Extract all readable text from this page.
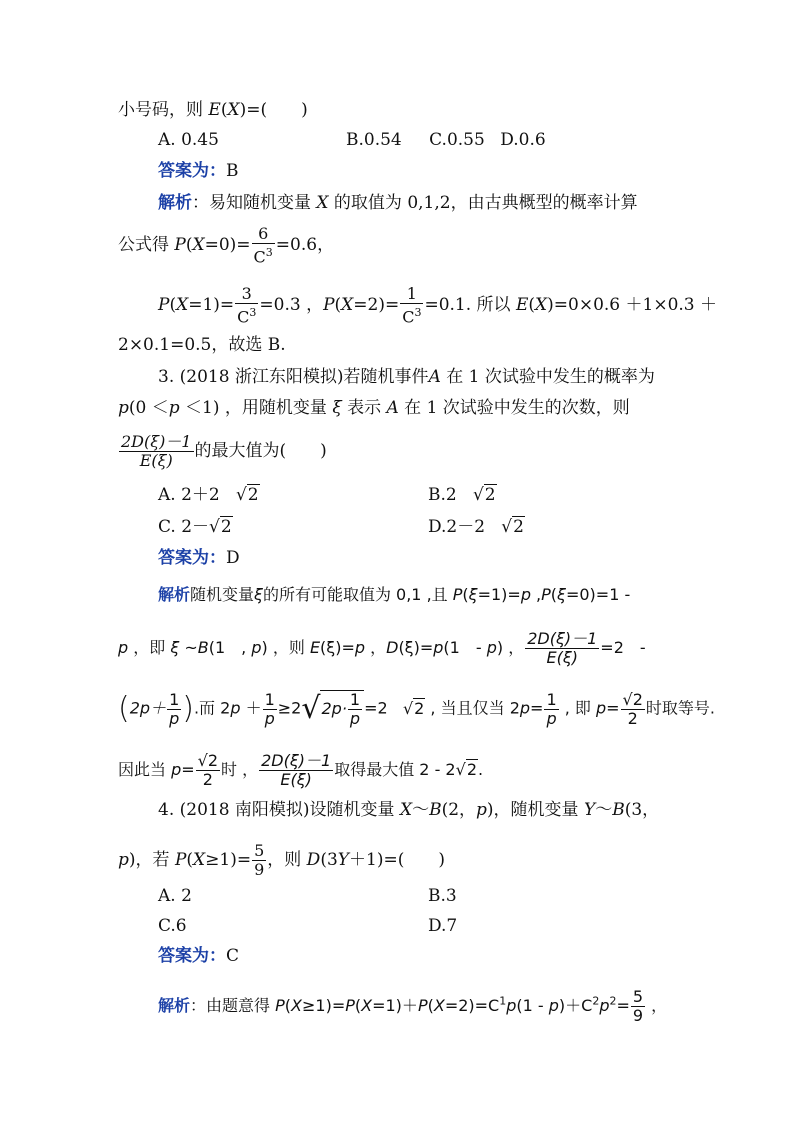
小号码，则 E(X)=(　　)
A. 0.45	B.0.54 C.0.55 D.0.6
答案为：B
解析：易知随机变量 X 的取值为 0,1,2，由古典概型的概率计算
公式得 $P(X=0)= \frac{6}{C^3} =0.6$，
$P(X=1)= \frac{3}{C^3} =0.3$ ，$P(X=2)= \frac{1}{C^3} =0.1$. 所以 E(X)=0×0.6 ＋1×0.3 ＋
2×0.1=0.5，故选 B.
3. (2018 浙江东阳模拟)若随机事件A 在 1 次试验中发生的概率为
p(0 ＜p ＜1) ，用随机变量 ξ 表示 A 在 1 次试验中发生的次数，则
$\frac{2D(\xi)-1}{E(\xi)}$ 的最大值为(　　)
A. 2＋2 √2	B.2 √2
C. 2－√2	D.2－2 √2
答案为：D
解析随机变量ξ的所有可能取值为 0,1 ,且 P(ξ=1)=p ,P(ξ=0)=1 -
p ，即 ξ ~B(1　, p) ，则 E(ξ)=p ，D(ξ)=p(1　- p) ， $\frac{2D(\xi)-1}{E(\xi)} =2$　-
($2p+ \frac{1}{p}$ ).而 $2p + \frac{1}{p} \ge 2√2p\cdot \frac{1}{p} =2$ √2 , 当且仅当 $2p= \frac{1}{p}$ , 即 $p= \frac{√2}{2}$ 时取等号.
因此当 $p= \frac{√2}{2}$ 时 ， $\frac{2D(\xi)-1}{E(\xi)}$ 取得最大值 2 - 2√2.
4. (2018 南阳模拟)设随机变量 X～B(2，p)，随机变量 Y～B(3，
p)，若 $P(X\ge 1)= \frac{5}{9}$ ，则 D(3Y＋1)=(　　)
A. 2	B.3
C.6	D.7
答案为：C
解析：由题意得 $P(X\ge 1)=P(X=1)+P(X=2)=C^1p(1 - p)+C^2p^2= \frac{5}{9}$ ，
